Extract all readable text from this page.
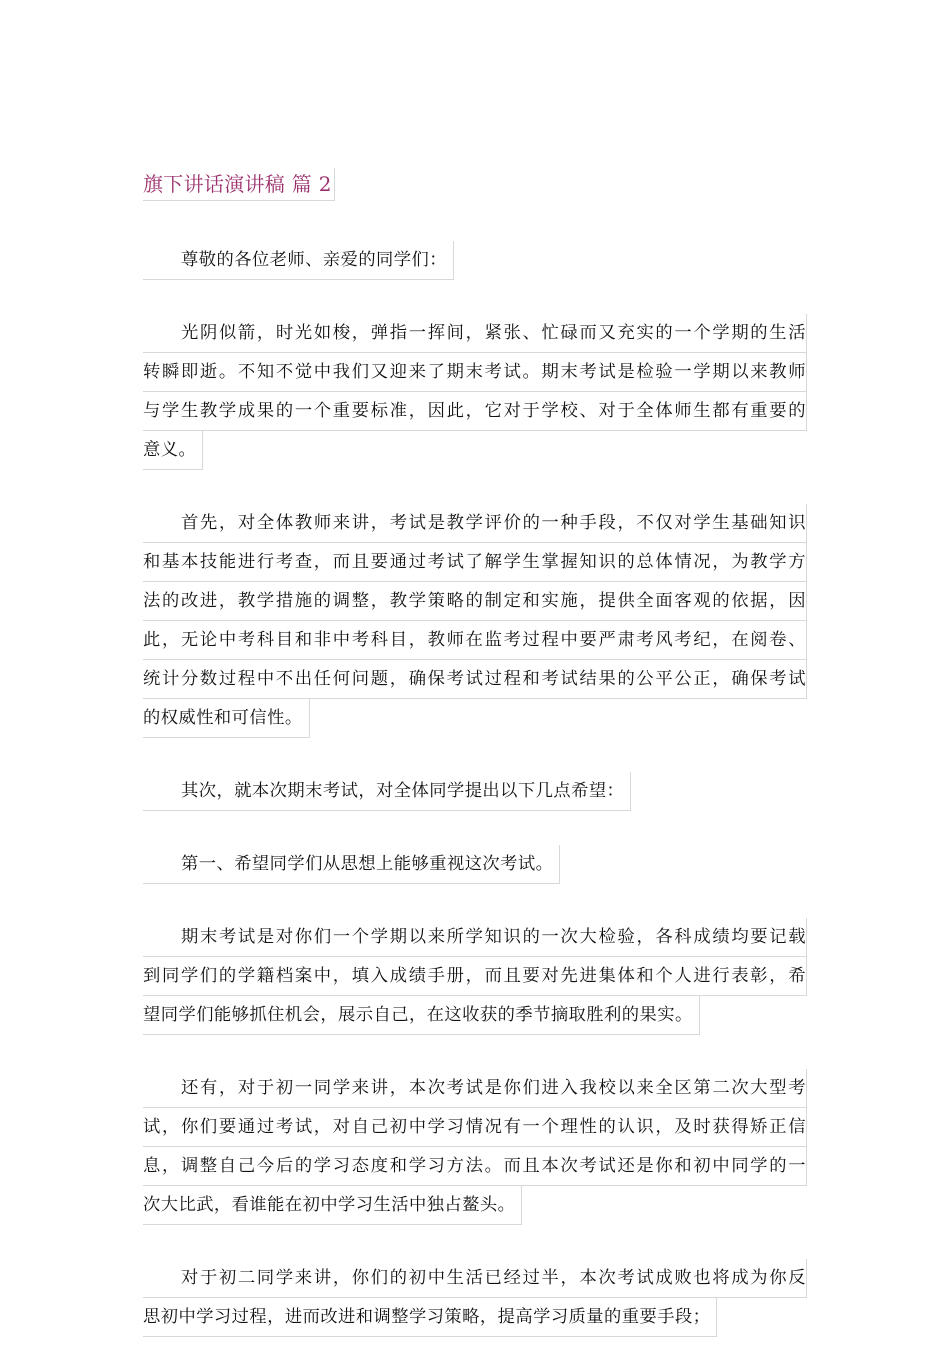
旗下讲话演讲稿 篇 2
尊敬的各位老师、亲爱的同学们：
光阴似箭，时光如梭，弹指一挥间，紧张、忙碌而又充实的一个学期的生活
转瞬即逝。不知不觉中我们又迎来了期末考试。期末考试是检验一学期以来教师
与学生教学成果的一个重要标准，因此，它对于学校、对于全体师生都有重要的
意义。
首先，对全体教师来讲，考试是教学评价的一种手段，不仅对学生基础知识
和基本技能进行考查，而且要通过考试了解学生掌握知识的总体情况，为教学方
法的改进，教学措施的调整，教学策略的制定和实施，提供全面客观的依据，因
此，无论中考科目和非中考科目，教师在监考过程中要严肃考风考纪，在阅卷、
统计分数过程中不出任何问题，确保考试过程和考试结果的公平公正，确保考试
的权威性和可信性。
其次，就本次期末考试，对全体同学提出以下几点希望：
第一、希望同学们从思想上能够重视这次考试。
期末考试是对你们一个学期以来所学知识的一次大检验，各科成绩均要记载
到同学们的学籍档案中，填入成绩手册，而且要对先进集体和个人进行表彰，希
望同学们能够抓住机会，展示自己，在这收获的季节摘取胜利的果实。
还有，对于初一同学来讲，本次考试是你们进入我校以来全区第二次大型考
试，你们要通过考试，对自己初中学习情况有一个理性的认识，及时获得矫正信
息，调整自己今后的学习态度和学习方法。而且本次考试还是你和初中同学的一
次大比武，看谁能在初中学习生活中独占鳌头。
对于初二同学来讲，你们的初中生活已经过半，本次考试成败也将成为你反
思初中学习过程，进而改进和调整学习策略，提高学习质量的重要手段；
